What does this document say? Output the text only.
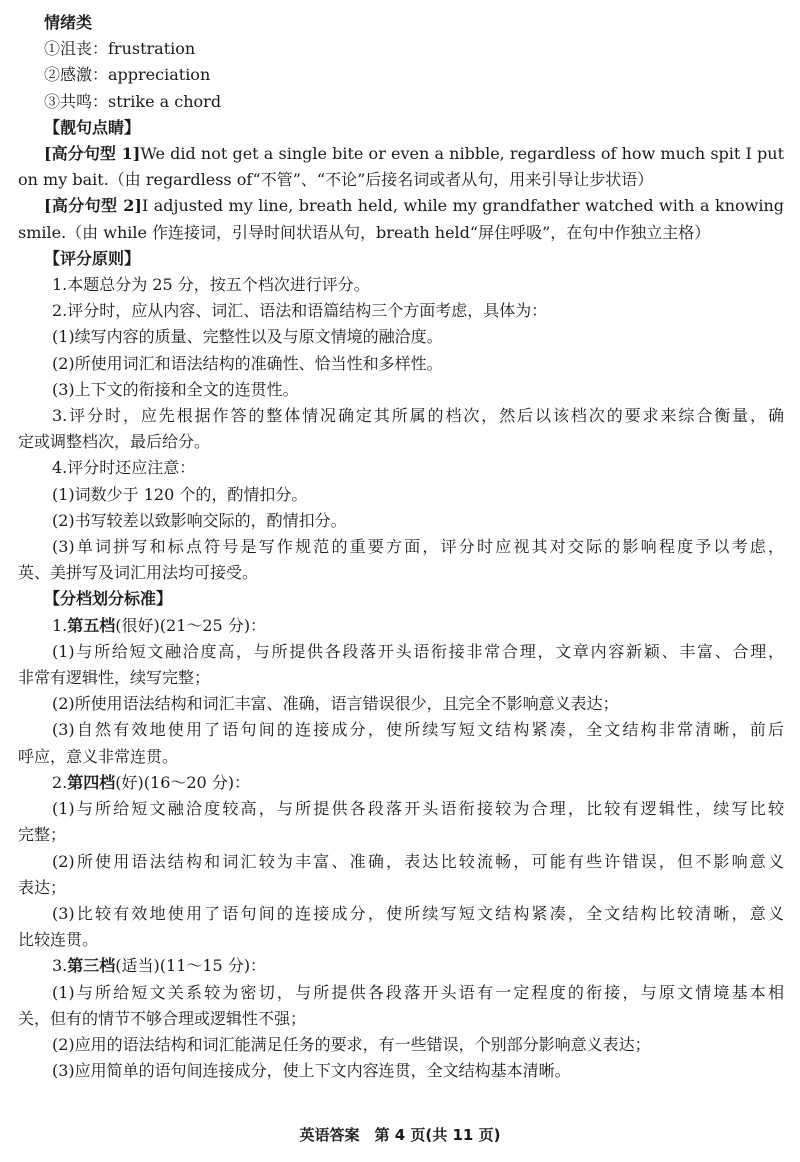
情绪类
①沮丧：frustration
②感激：appreciation
③共鸣：strike a chord
【靓句点睛】
[高分句型 1]We did not get a single bite or even a nibble, regardless of how much spit I put
on my bait.（由 regardless of“不管”、“不论”后接名词或者从句，用来引导让步状语）
[高分句型 2]I adjusted my line, breath held, while my grandfather watched with a knowing
smile.（由 while 作连接词，引导时间状语从句，breath held“屏住呼吸”，在句中作独立主格）
【评分原则】
1.本题总分为 25 分，按五个档次进行评分。
2.评分时，应从内容、词汇、语法和语篇结构三个方面考虑，具体为：
(1)续写内容的质量、完整性以及与原文情境的融洽度。
(2)所使用词汇和语法结构的准确性、恰当性和多样性。
(3)上下文的衔接和全文的连贯性。
3.评分时，应先根据作答的整体情况确定其所属的档次，然后以该档次的要求来综合衡量，确
定或调整档次，最后给分。
4.评分时还应注意：
(1)词数少于 120 个的，酌情扣分。
(2)书写较差以致影响交际的，酌情扣分。
(3)单词拼写和标点符号是写作规范的重要方面，评分时应视其对交际的影响程度予以考虑，
英、美拼写及词汇用法均可接受。
【分档划分标准】
1.第五档(很好)(21～25 分)：
(1)与所给短文融洽度高，与所提供各段落开头语衔接非常合理，文章内容新颖、丰富、合理，
非常有逻辑性，续写完整；
(2)所使用语法结构和词汇丰富、准确，语言错误很少，且完全不影响意义表达；
(3)自然有效地使用了语句间的连接成分，使所续写短文结构紧凑，全文结构非常清晰，前后
呼应，意义非常连贯。
2.第四档(好)(16～20 分)：
(1)与所给短文融洽度较高，与所提供各段落开头语衔接较为合理，比较有逻辑性，续写比较
完整；
(2)所使用语法结构和词汇较为丰富、准确，表达比较流畅，可能有些许错误，但不影响意义
表达；
(3)比较有效地使用了语句间的连接成分，使所续写短文结构紧凑，全文结构比较清晰，意义
比较连贯。
3.第三档(适当)(11～15 分)：
(1)与所给短文关系较为密切，与所提供各段落开头语有一定程度的衔接，与原文情境基本相
关，但有的情节不够合理或逻辑性不强；
(2)应用的语法结构和词汇能满足任务的要求，有一些错误，个别部分影响意义表达；
(3)应用简单的语句间连接成分，使上下文内容连贯，全文结构基本清晰。
英语答案　第 4 页(共 11 页)
